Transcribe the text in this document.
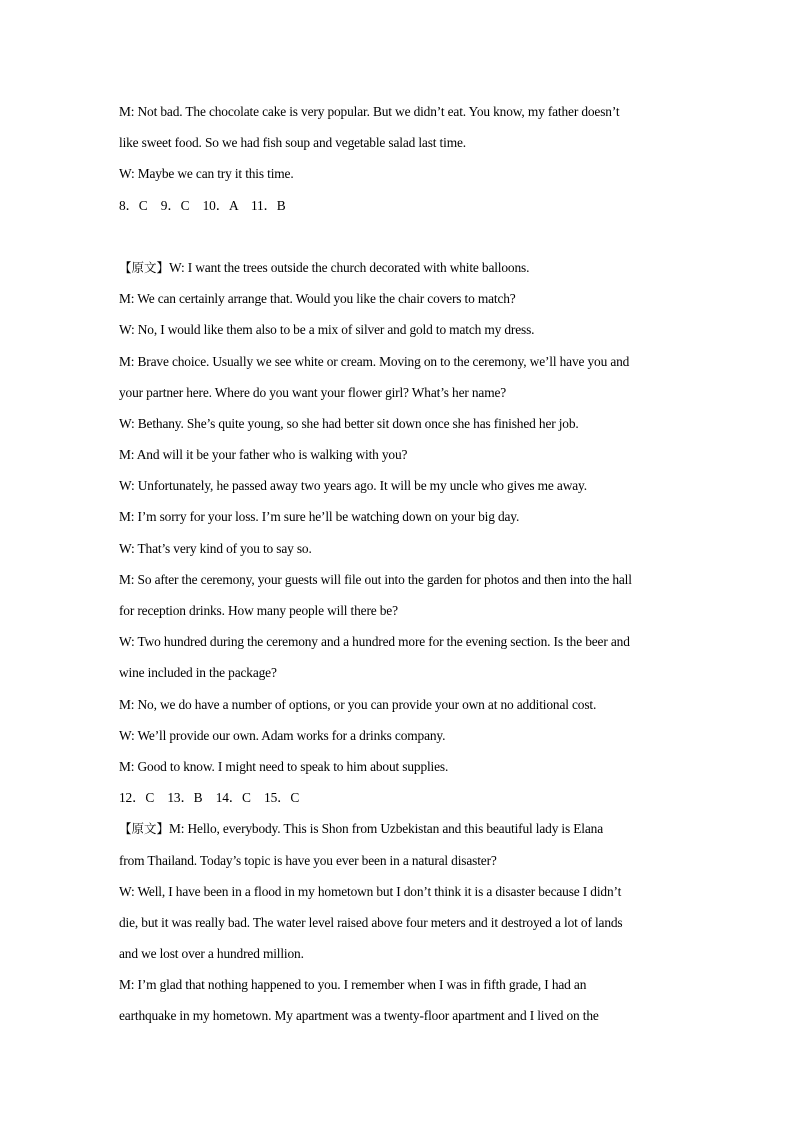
M: Not bad. The chocolate cake is very popular. But we didn’t eat. You know, my father doesn’t
like sweet food. So we had fish soup and vegetable salad last time.
W: Maybe we can try it this time.
8．C　9．C　10．A　11．B
【原文】W: I want the trees outside the church decorated with white balloons.
M: We can certainly arrange that. Would you like the chair covers to match?
W: No, I would like them also to be a mix of silver and gold to match my dress.
M: Brave choice. Usually we see white or cream. Moving on to the ceremony, we’ll have you and
your partner here. Where do you want your flower girl? What’s her name?
W: Bethany. She’s quite young, so she had better sit down once she has finished her job.
M: And will it be your father who is walking with you?
W: Unfortunately, he passed away two years ago. It will be my uncle who gives me away.
M: I’m sorry for your loss. I’m sure he’ll be watching down on your big day.
W: That’s very kind of you to say so.
M: So after the ceremony, your guests will file out into the garden for photos and then into the hall
for reception drinks. How many people will there be?
W: Two hundred during the ceremony and a hundred more for the evening section. Is the beer and
wine included in the package?
M: No, we do have a number of options, or you can provide your own at no additional cost.
W: We’ll provide our own. Adam works for a drinks company.
M: Good to know. I might need to speak to him about supplies.
12．C　13．B　14．C　15．C
【原文】M: Hello, everybody. This is Shon from Uzbekistan and this beautiful lady is Elana
from Thailand. Today’s topic is have you ever been in a natural disaster?
W: Well, I have been in a flood in my hometown but I don’t think it is a disaster because I didn’t
die, but it was really bad. The water level raised above four meters and it destroyed a lot of lands
and we lost over a hundred million.
M: I’m glad that nothing happened to you. I remember when I was in fifth grade, I had an
earthquake in my hometown. My apartment was a twenty-floor apartment and I lived on the
